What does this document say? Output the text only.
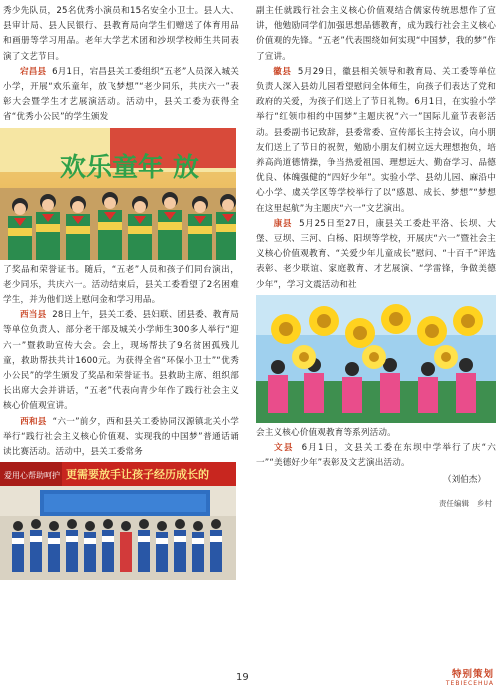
秀少先队员，25名优秀小演员和15名安全小卫士。县人大、县审计局、县人民银行、县教育局向学生们赠送了体育用品和画册等学习用品。老年大学艺术团和沙坝学校师生共同表演了文艺节目。

宕昌县 6月1日，宕昌县关工委组织“五老”人员深入城关小学，开展“欢乐童年，放飞梦想”“老少同乐，共庆六一”表彰大会暨学生才艺展演活动。活动中，县关工委为获得全省“优秀小公民”的学生颁发

欢乐童年 放

了奖品和荣誉证书。随后，“五老”人员和孩子们同台演出，老少同乐，共庆六一。活动结束后，县关工委看望了2名困难学生，并为他们送上慰问金和学习用品。

西当县 28日上午，县关工委、县妇联、团县委、教育局等单位负责人、部分老干部及城关小学师生300多人举行“迎六一”暨救助宣传大会。会上，现场帮扶了9名贫困孤残儿童，救助帮扶共计1600元。为获得全省“环保小卫士”“优秀小公民”的学生颁发了奖品和荣誉证书。县救助主席、组织部长出席大会并讲话，“五老”代表向青少年作了践行社会主义核心价值观宣讲。

西和县 “六一”前夕，西和县关工委协同汉源镇北关小学举行“践行社会主义核心价值观、实现我的中国梦”普通话诵读比赛活动。活动中，县关工委常务

更需要放手让孩子经历成长的
爱用心帮助呵护

副主任就践行社会主义核心价值观结合儒家传统思想作了宣讲，他勉励同学们加强思想品德教育，成为践行社会主义核心价值观的先锋。“五老”代表围绕如何实现“中国梦，我的梦”作了宣讲。

徽县 5月29日，徽县相关领导和教育局、关工委等单位负责人深入县幼儿园看望慰问全体师生，向孩子们表达了党和政府的关爱，为孩子们送上了节日礼物。6月1日，在实验小学举行“红领巾相约中国梦”主题庆祝“六一”国际儿童节表彰活动。县委副书记致辞，县委常委、宣传部长主持会议，向小朋友们送上了节日的祝贺，勉励小朋友们树立远大理想抱负，培养高尚道德情操，争当热爱祖国、理想远大、勤奋学习、品德优良、体魄强健的“四好少年”。实验小学、县幼儿园、麻沿中心小学、虞关学区等学校举行了以“感恩、成长、梦想”“梦想在这里起航”为主题庆“六一”文艺演出。

康县 5月25日至27日，康县关工委赴平洛、长坝、大堡、豆坝、三河、白杨、阳坝等学校，开展庆“六一”暨社会主义核心价值观教育、“关爱少年儿童成长”慰问、“十百千”评选表彰、老少联谊、家庭教育、才艺展演、“学雷锋，争做美德少年”，学习文震活动和社

会主义核心价值观教育等系列活动。

文县 6月1日，文县关工委在东坝中学举行了庆“六一”“美德好少年”表彰及文艺演出活动。

（刘伯杰）
责任编辑　乡村
19	特别策划
TEBIECEHUA
